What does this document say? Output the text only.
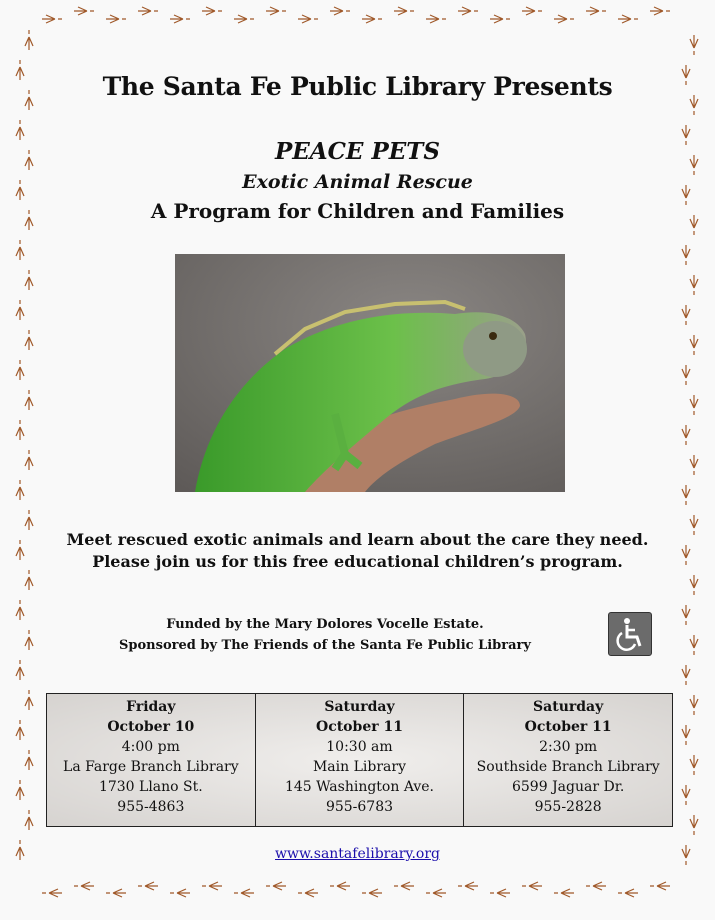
The Santa Fe Public Library Presents
PEACE PETS
Exotic Animal Rescue
A Program for Children and Families
Meet rescued exotic animals and learn about the care they need.
Please join us for this free educational children’s program.
Funded by the Mary Dolores Vocelle Estate.
Sponsored by The Friends of the Santa Fe Public Library
Friday
October 10
4:00 pm
La Farge Branch Library
1730 Llano St.
955-4863

Saturday
October 11
10:30 am
Main Library
145 Washington Ave.
955-6783

Saturday
October 11
2:30 pm
Southside Branch Library
6599 Jaguar Dr.
955-2828
www.santafelibrary.org
